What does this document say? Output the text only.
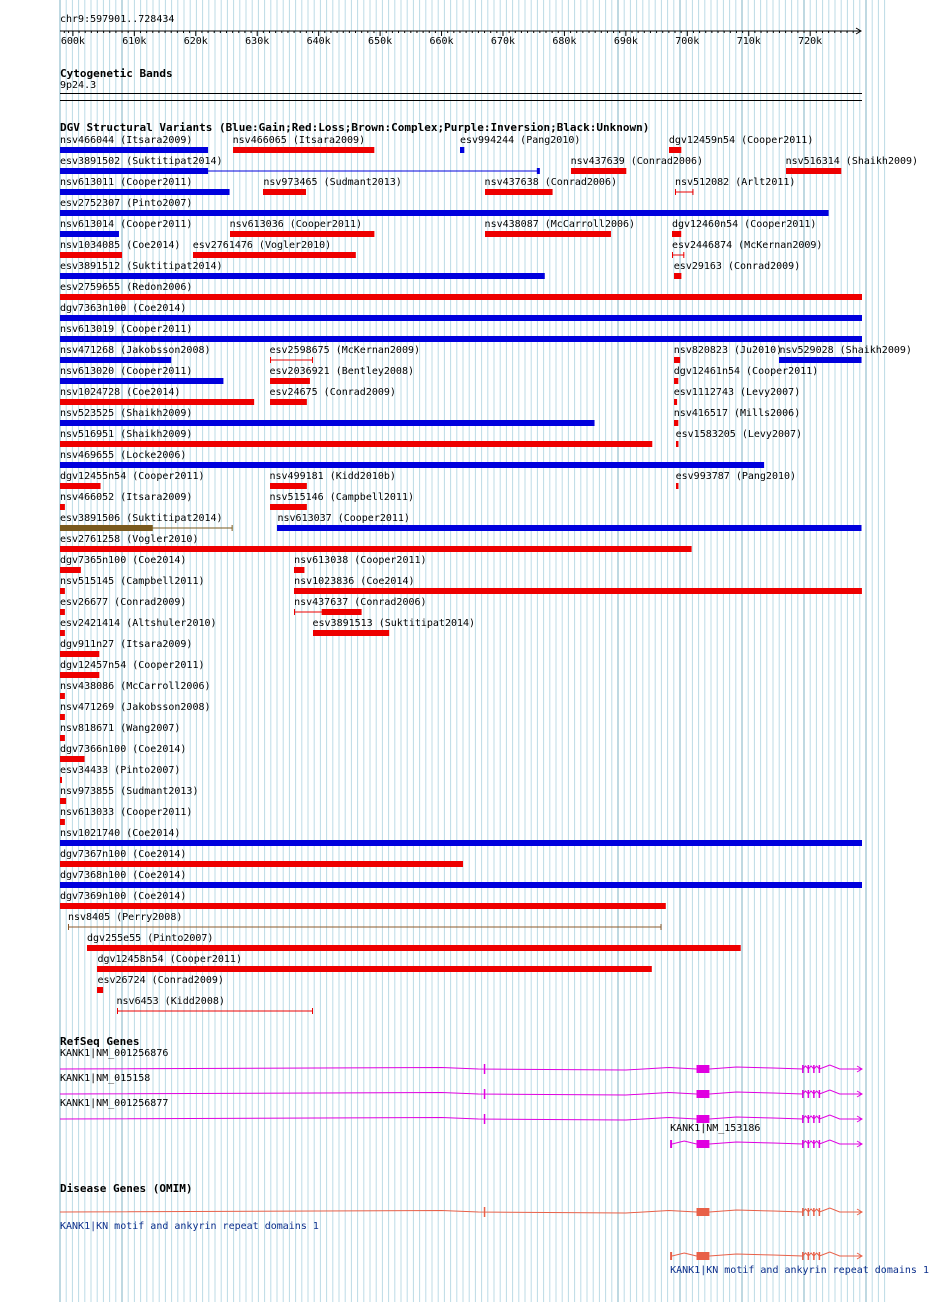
chr9:597901..728434
600k	610k	620k	630k	640k	650k	660k	670k	680k	690k	700k	710k	720k
Cytogenetic Bands
9p24.3
DGV Structural Variants (Blue:Gain;Red:Loss;Brown:Complex;Purple:Inversion;Black:Unknown)
nsv466044 (Itsara2009)	nsv466065 (Itsara2009)	esv994244 (Pang2010)	dgv12459n54 (Cooper2011)
esv3891502 (Suktitipat2014)	nsv437639 (Conrad2006)	nsv516314 (Shaikh2009)
nsv613011 (Cooper2011)	nsv973465 (Sudmant2013)	nsv437638 (Conrad2006)	nsv512082 (Arlt2011)
esv2752307 (Pinto2007)
nsv613014 (Cooper2011)	nsv613036 (Cooper2011)	nsv438087 (McCarroll2006)	dgv12460n54 (Cooper2011)
nsv1034085 (Coe2014) esv2761476 (Vogler2010)	esv2446874 (McKernan2009)
esv3891512 (Suktitipat2014)	esv29163 (Conrad2009)
esv2759655 (Redon2006)
dgv7363n100 (Coe2014)
nsv613019 (Cooper2011)
nsv471268 (Jakobsson2008)	esv2598675 (McKernan2009)	nsv820823 (Ju2010)
nsv529028 (Shaikh2009)
nsv613020 (Cooper2011)	esv2036921 (Bentley2008)	dgv12461n54 (Cooper2011)
nsv1024728 (Coe2014)	esv24675 (Conrad2009)	esv1112743 (Levy2007)
nsv523525 (Shaikh2009)	nsv416517 (Mills2006)
nsv516951 (Shaikh2009)	esv1583205 (Levy2007)
nsv469655 (Locke2006)
dgv12455n54 (Cooper2011)	nsv499181 (Kidd2010b)	esv993787 (Pang2010)
nsv466052 (Itsara2009)	nsv515146 (Campbell2011)
esv3891506 (Suktitipat2014)	nsv613037 (Cooper2011)
esv2761258 (Vogler2010)
dgv7365n100 (Coe2014)	nsv613038 (Cooper2011)
nsv515145 (Campbell2011)	nsv1023836 (Coe2014)
esv26677 (Conrad2009)	nsv437637 (Conrad2006)
esv2421414 (Altshuler2010)	esv3891513 (Suktitipat2014)
dgv911n27 (Itsara2009)
dgv12457n54 (Cooper2011)
nsv438086 (McCarroll2006)
nsv471269 (Jakobsson2008)
nsv818671 (Wang2007)
dgv7366n100 (Coe2014)
esv34433 (Pinto2007)
nsv973855 (Sudmant2013)
nsv613033 (Cooper2011)
nsv1021740 (Coe2014)
dgv7367n100 (Coe2014)
dgv7368n100 (Coe2014)
dgv7369n100 (Coe2014)
nsv8405 (Perry2008)
dgv255e55 (Pinto2007)
dgv12458n54 (Cooper2011)
esv26724 (Conrad2009)
nsv6453 (Kidd2008)
RefSeq Genes
KANK1|NM_001256876
KANK1|NM_015158
KANK1|NM_001256877
KANK1|NM_153186
Disease Genes (OMIM)
KANK1|KN motif and ankyrin repeat domains 1
KANK1|KN motif and ankyrin repeat domains 1
